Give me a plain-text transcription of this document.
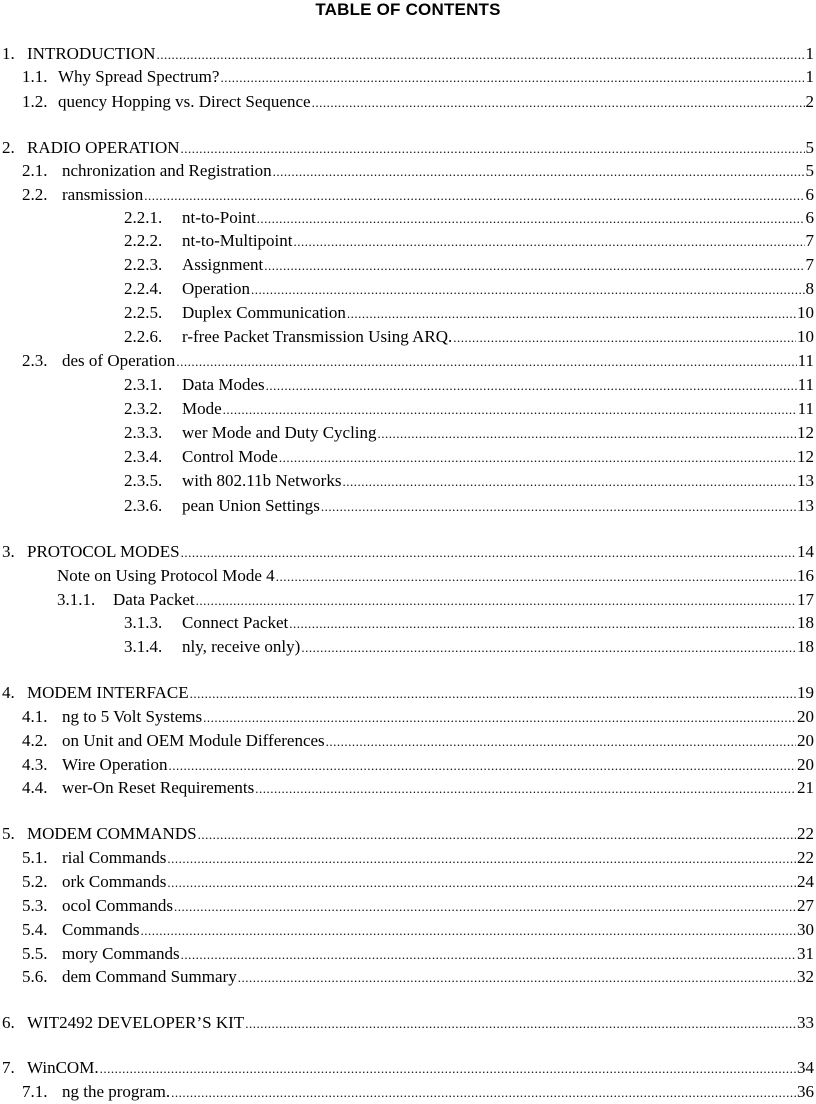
TABLE OF CONTENTS
1. INTRODUCTION .....	1
1.1. Why Spread Spectrum? .....	1
1.2. quency Hopping vs. Direct Sequence .....	2
2. RADIO OPERATION .....	5
2.1. nchronization and Registration .....	5
2.2. ransmission .....	6
2.2.1.	nt-to-Point .....	6
2.2.2.	nt-to-Multipoint .....	7
2.2.3.	Assignment .....	7
2.2.4.	Operation .....	8
2.2.5.	Duplex Communication .....	10
2.2.6.	r-free Packet Transmission Using ARQ. .....	10
2.3. des of Operation .....	11
2.3.1.	Data Modes .....	11
2.3.2.	Mode .....	11
2.3.3.	wer Mode and Duty Cycling .....	12
2.3.4.	Control Mode .....	12
2.3.5.	with 802.11b Networks .....	13
2.3.6.	pean Union Settings .....	13
3. PROTOCOL MODES .....	14
Note on Using Protocol Mode 4 .....	16
3.1.1.	Data Packet .....	17
3.1.3.	Connect Packet .....	18
3.1.4.	nly, receive only) .....	18
4. MODEM INTERFACE .....	19
4.1. ng to 5 Volt Systems .....	20
4.2. on Unit and OEM Module Differences .....	20
4.3. Wire Operation .....	20
4.4. wer-On Reset Requirements .....	21
5. MODEM COMMANDS .....	22
5.1. rial Commands .....	22
5.2. ork Commands .....	24
5.3. ocol Commands .....	27
5.4. Commands .....	30
5.5. mory Commands .....	31
5.6. dem Command Summary .....	32
6. WIT2492 DEVELOPER’S KIT .....	33
7. WinCOM. .....	34
7.1. ng the program. .....	36
